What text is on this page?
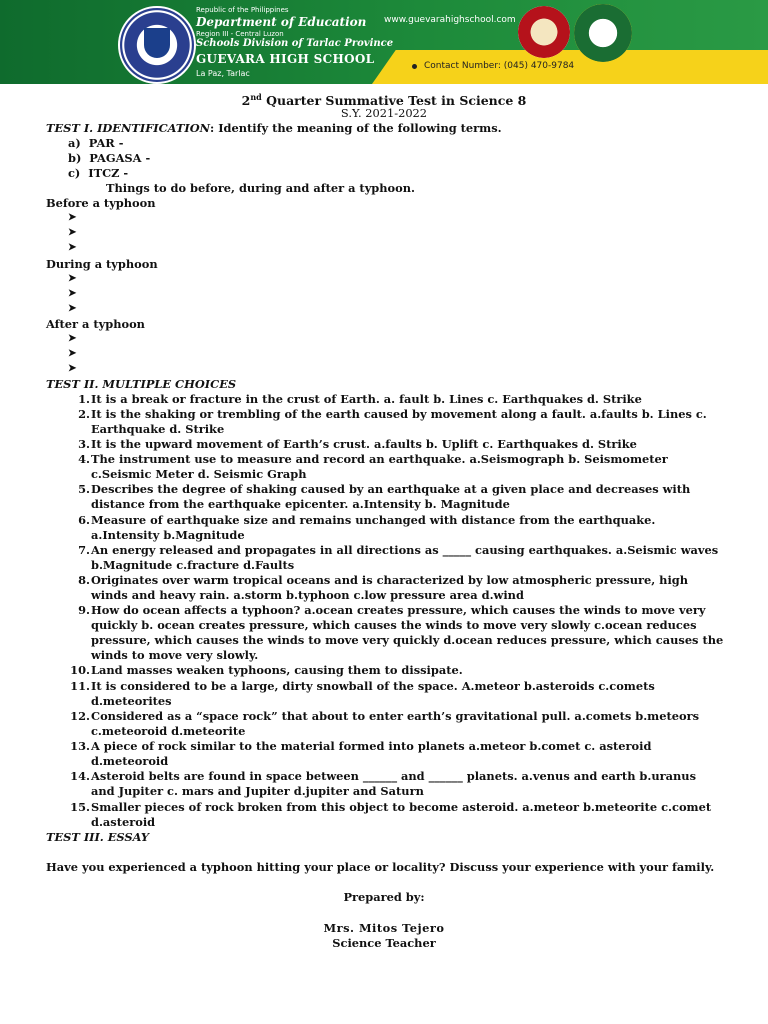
Republic of the Philippines
Department of Education
Region III - Central Luzon
Schools Division of Tarlac Province
GUEVARA HIGH SCHOOL
La Paz, Tarlac
www.guevarahighschool.com
Contact Number: (045) 470-9784
2nd Quarter Summative Test in Science 8
S.Y. 2021-2022
TEST I. IDENTIFICATION: Identify the meaning of the following terms.
a) PAR -
b) PAGASA -
c) ITCZ -
Things to do before, during and after a typhoon.
Before a typhoon
➤
➤
➤
During a typhoon
➤
➤
➤
After a typhoon
➤
➤
➤
TEST II. MULTIPLE CHOICES
1. It is a break or fracture in the crust of Earth. a. fault b. Lines c. Earthquakes d. Strike
2. It is the shaking or trembling of the earth caused by movement along a fault. a.faults b. Lines c.
Earthquake d. Strike
3. It is the upward movement of Earth’s crust. a.faults b. Uplift c. Earthquakes d. Strike
4. The instrument use to measure and record an earthquake. a.Seismograph b. Seismometer
c.Seismic Meter d. Seismic Graph
5. Describes the degree of shaking caused by an earthquake at a given place and decreases with
distance from the earthquake epicenter. a.Intensity b. Magnitude
6. Measure of earthquake size and remains unchanged with distance from the earthquake.
a.Intensity b.Magnitude
7. An energy released and propagates in all directions as _____ causing earthquakes. a.Seismic waves
b.Magnitude c.fracture d.Faults
8. Originates over warm tropical oceans and is characterized by low atmospheric pressure, high
winds and heavy rain. a.storm b.typhoon c.low pressure area d.wind
9. How do ocean affects a typhoon? a.ocean creates pressure, which causes the winds to move very
quickly b. ocean creates pressure, which causes the winds to move very slowly c.ocean reduces
pressure, which causes the winds to move very quickly d.ocean reduces pressure, which causes the
winds to move very slowly.
10. Land masses weaken typhoons, causing them to dissipate.
11. It is considered to be a large, dirty snowball of the space. A.meteor b.asteroids c.comets
d.meteorites
12. Considered as a “space rock” that about to enter earth’s gravitational pull. a.comets b.meteors
c.meteoroid d.meteorite
13. A piece of rock similar to the material formed into planets a.meteor b.comet c. asteroid
d.meteoroid
14. Asteroid belts are found in space between ______ and ______ planets. a.venus and earth b.uranus
and Jupiter c. mars and Jupiter d.jupiter and Saturn
15. Smaller pieces of rock broken from this object to become asteroid. a.meteor b.meteorite c.comet
d.asteroid
TEST III. ESSAY
Have you experienced a typhoon hitting your place or locality? Discuss your experience with your family.
Prepared by:
Mrs. Mitos Tejero
Science Teacher
